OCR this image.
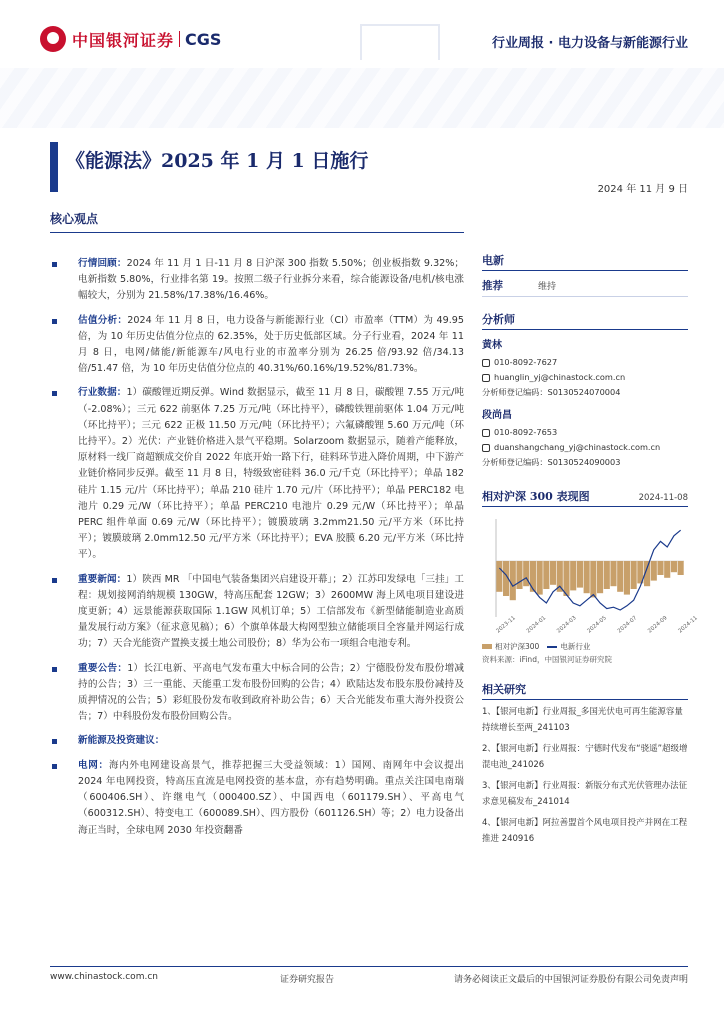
中国银河证券 CGS	行业周报 · 电力设备与新能源行业
《能源法》2025 年 1 月 1 日施行
2024 年 11 月 9 日
核心观点
行情回顾：2024 年 11 月 1 日-11 月 8 日沪深 300 指数 5.50%；创业板指数 9.32%；电新指数 5.80%，行业排名第 19。按照二级子行业拆分来看，综合能源设备/电机/核电涨幅较大，分别为 21.58%/17.38%/16.46%。
估值分析：2024 年 11 月 8 日，电力设备与新能源行业（CI）市盈率（TTM）为 49.95 倍，为 10 年历史估值分位点的 62.35%，处于历史低部区域。分子行业看，2024 年 11 月 8 日，电网/储能/新能源车/风电行业的市盈率分别为 26.25 倍/93.92 倍/34.13 倍/51.47 倍，为 10 年历史估值分位点的 40.31%/60.16%/19.52%/81.73%。
行业数据：1）碳酸锂近期反弹。Wind 数据显示，截至 11 月 8 日，碳酸锂 7.55 万元/吨（-2.08%）；三元 622 前驱体 7.25 万元/吨（环比持平），磷酸铁锂前驱体 1.04 万元/吨（环比持平）；三元 622 正极 11.50 万元/吨（环比持平）；六氟磷酸锂 5.60 万元/吨（环比持平）。2）光伏：产业链价格进入景气平稳期。Solarzoom 数据显示，随着产能释放，原材料一线厂商超额成交价自 2022 年底开始一路下行，硅料环节进入降价周期，中下游产业链价格同步反弹。截至 11 月 8 日，特级致密硅料 36.0 元/千克（环比持平）；单晶 182 硅片 1.15 元/片（环比持平）；单晶 210 硅片 1.70 元/片（环比持平）；单晶 PERC182 电池片 0.29 元/W（环比持平）；单晶 PERC210 电池片 0.29 元/W（环比持平）；单晶 PERC 组件单面 0.69 元/W（环比持平）；镀膜玻璃 3.2mm21.50 元/平方米（环比持平）；镀膜玻璃 2.0mm12.50 元/平方米（环比持平）；EVA 胶膜 6.20 元/平方米（环比持平）。
重要新闻：1）陕西 MR 「中国电气装备集团兴启建设开幕」；2）江苏印发绿电「三挂」工程：规划接网消纳规模 130GW，特高压配套 12GW；3）2600MW 海上风电项目建设进度更新；4）远景能源获取国际 1.1GW 风机订单；5）工信部发布《新型储能制造业高质量发展行动方案》（征求意见稿）；6）个旗单体最大构网型独立储能项目全容量并网运行成功；7）天合光能资产置换支援土地公司股份；8）华为公布一项组合电池专利。
重要公告：1）长江电新、平高电气发布重大中标合同的公告；2）宁德股份发布股份增减持的公告；3）三一重能、天能重工发布股份回购的公告；4）欧陆达发布股东股份减持及质押情况的公告；5）彩虹股份发布收到政府补助公告；6）天合光能发布重大海外投资公告；7）中科股份发布股份回购公告。
新能源及投资建议：
电网：海内外电网建设高景气，推荐把握三大受益领域：1）国网、南网年中会议提出 2024 年电网投资，特高压直流是电网投资的基本盘，亦有趋势明确。重点关注国电南瑞（600406.SH）、许继电气（000400.SZ）、中国西电（601179.SH）、平高电气（600312.SH）、特变电工（600089.SH）、四方股份（601126.SH）等；2）电力设备出海正当时，全球电网 2030 年投资翻番
电新
推荐	维持
分析师
黄林
010-8092-7627
huanglin_yj@chinastock.com.cn
分析师登记编码：S0130524070004
段尚昌
010-8092-7653
duanshangchang_yj@chinastock.com.cn
分析师登记编码：S0130524090003
相对沪深 300 表现图	2024-11-08
2023-11 2024-01 2024-03 2024-05 2024-07 2024-09 2024-11
相对沪深300	电新行业
资料来源：iFind，中国银河证券研究院
相关研究
1、【银河电新】行业周报_多国光伏电可再生能源容量持续增长至两_241103
2、【银河电新】行业周报：宁德时代发布“骁遥”超级增混电池_241026
3、【银河电新】行业周报：新版分布式光伏管理办法征求意见稿发布_241014
4、【银河电新】阿拉善盟首个风电项目投产并网在工程推进 240916
www.chinastock.com.cn	证券研究报告	请务必阅读正文最后的中国银河证券股份有限公司免责声明
